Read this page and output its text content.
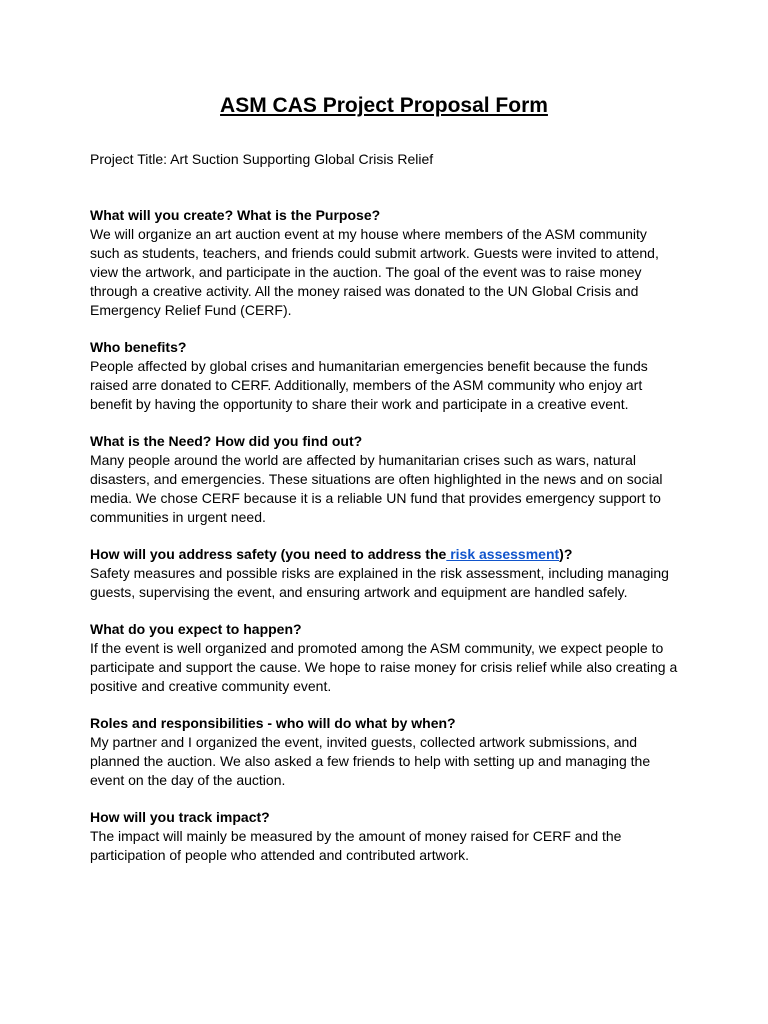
ASM CAS Project Proposal Form

Project Title: Art Suction Supporting Global Crisis Relief

What will you create? What is the Purpose?

We will organize an art auction event at my house where members of the ASM community such as students, teachers, and friends could submit artwork. Guests were invited to attend, view the artwork, and participate in the auction. The goal of the event was to raise money through a creative activity. All the money raised was donated to the UN Global Crisis and Emergency Relief Fund (CERF).

Who benefits?

People affected by global crises and humanitarian emergencies benefit because the funds raised arre donated to CERF. Additionally, members of the ASM community who enjoy art benefit by having the opportunity to share their work and participate in a creative event.

What is the Need? How did you find out?

Many people around the world are affected by humanitarian crises such as wars, natural disasters, and emergencies. These situations are often highlighted in the news and on social media. We chose CERF because it is a reliable UN fund that provides emergency support to communities in urgent need.

How will you address safety (you need to address the risk assessment)?

Safety measures and possible risks are explained in the risk assessment, including managing guests, supervising the event, and ensuring artwork and equipment are handled safely.

What do you expect to happen?

If the event is well organized and promoted among the ASM community, we expect people to participate and support the cause. We hope to raise money for crisis relief while also creating a positive and creative community event.

Roles and responsibilities - who will do what by when?

My partner and I organized the event, invited guests, collected artwork submissions, and planned the auction. We also asked a few friends to help with setting up and managing the event on the day of the auction.

How will you track impact?

The impact will mainly be measured by the amount of money raised for CERF and the participation of people who attended and contributed artwork.
